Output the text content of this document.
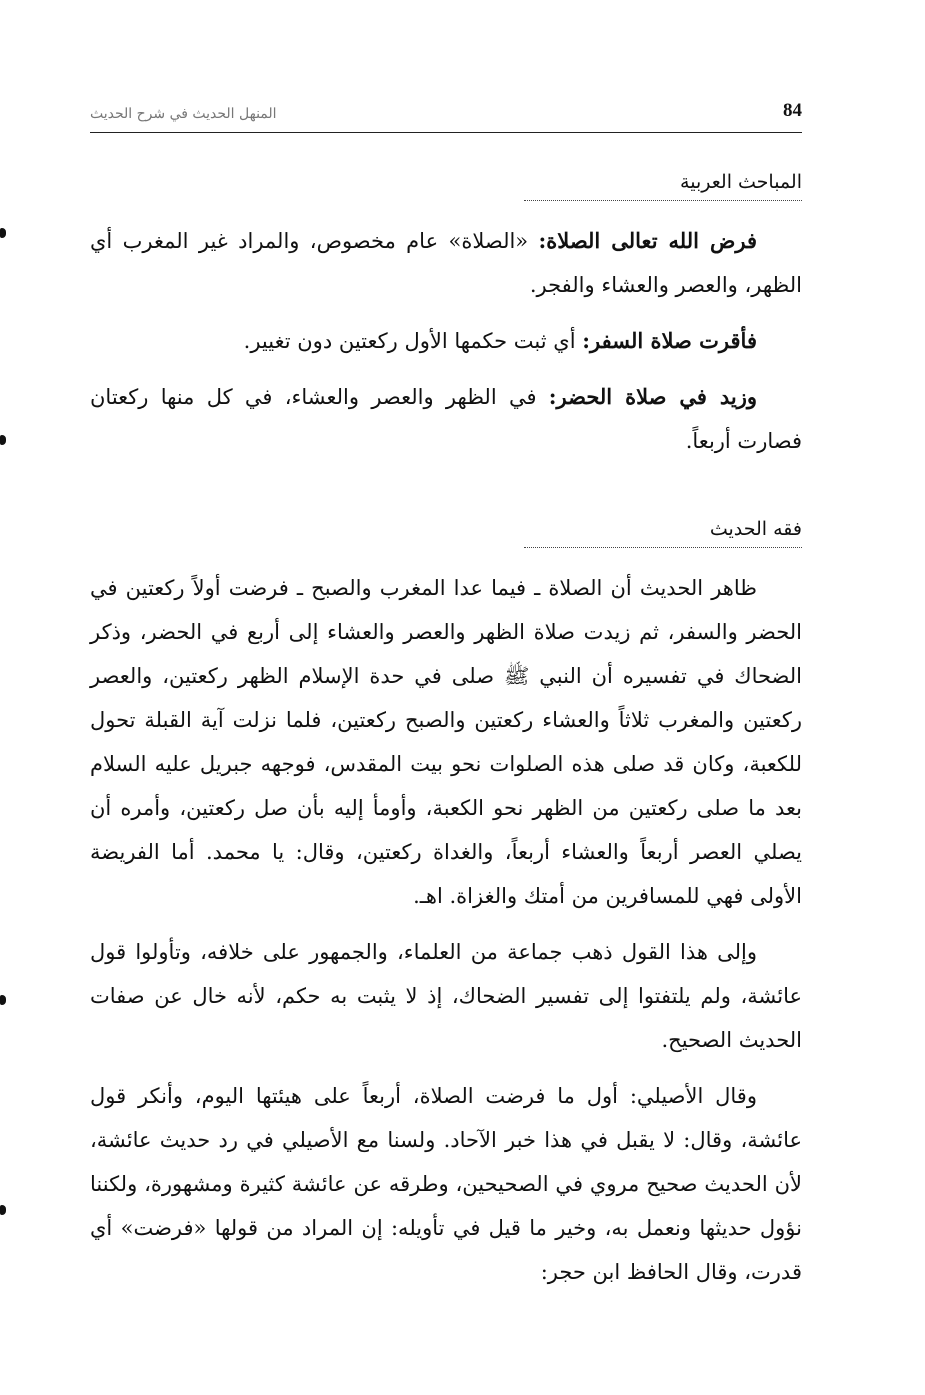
84
المنهل الحديث في شرح الحديث
المباحث العربية

فرض الله تعالى الصلاة: «الصلاة» عام مخصوص، والمراد غير المغرب أي الظهر، والعصر والعشاء والفجر.

فأقرت صلاة السفر: أي ثبت حكمها الأول ركعتين دون تغيير.

وزيد في صلاة الحضر: في الظهر والعصر والعشاء، في كل منها ركعتان فصارت أربعاً.

فقه الحديث

ظاهر الحديث أن الصلاة ـ فيما عدا المغرب والصبح ـ فرضت أولاً ركعتين في الحضر والسفر، ثم زيدت صلاة الظهر والعصر والعشاء إلى أربع في الحضر، وذكر الضحاك في تفسيره أن النبي ﷺ صلى في حدة الإسلام الظهر ركعتين، والعصر ركعتين والمغرب ثلاثاً والعشاء ركعتين والصبح ركعتين، فلما نزلت آية القبلة تحول للكعبة، وكان قد صلى هذه الصلوات نحو بيت المقدس، فوجهه جبريل عليه السلام بعد ما صلى ركعتين من الظهر نحو الكعبة، وأومأ إليه بأن صل ركعتين، وأمره أن يصلي العصر أربعاً والعشاء أربعاً، والغداة ركعتين، وقال: يا محمد. أما الفريضة الأولى فهي للمسافرين من أمتك والغزاة. اهـ.

وإلى هذا القول ذهب جماعة من العلماء، والجمهور على خلافه، وتأولوا قول عائشة، ولم يلتفتوا إلى تفسير الضحاك، إذ لا يثبت به حكم، لأنه خال عن صفات الحديث الصحيح.

وقال الأصيلي: أول ما فرضت الصلاة، أربعاً على هيئتها اليوم، وأنكر قول عائشة، وقال: لا يقبل في هذا خبر الآحاد. ولسنا مع الأصيلي في رد حديث عائشة، لأن الحديث صحيح مروي في الصحيحين، وطرقه عن عائشة كثيرة ومشهورة، ولكننا نؤول حديثها ونعمل به، وخير ما قيل في تأويله: إن المراد من قولها «فرضت» أي قدرت، وقال الحافظ ابن حجر:
